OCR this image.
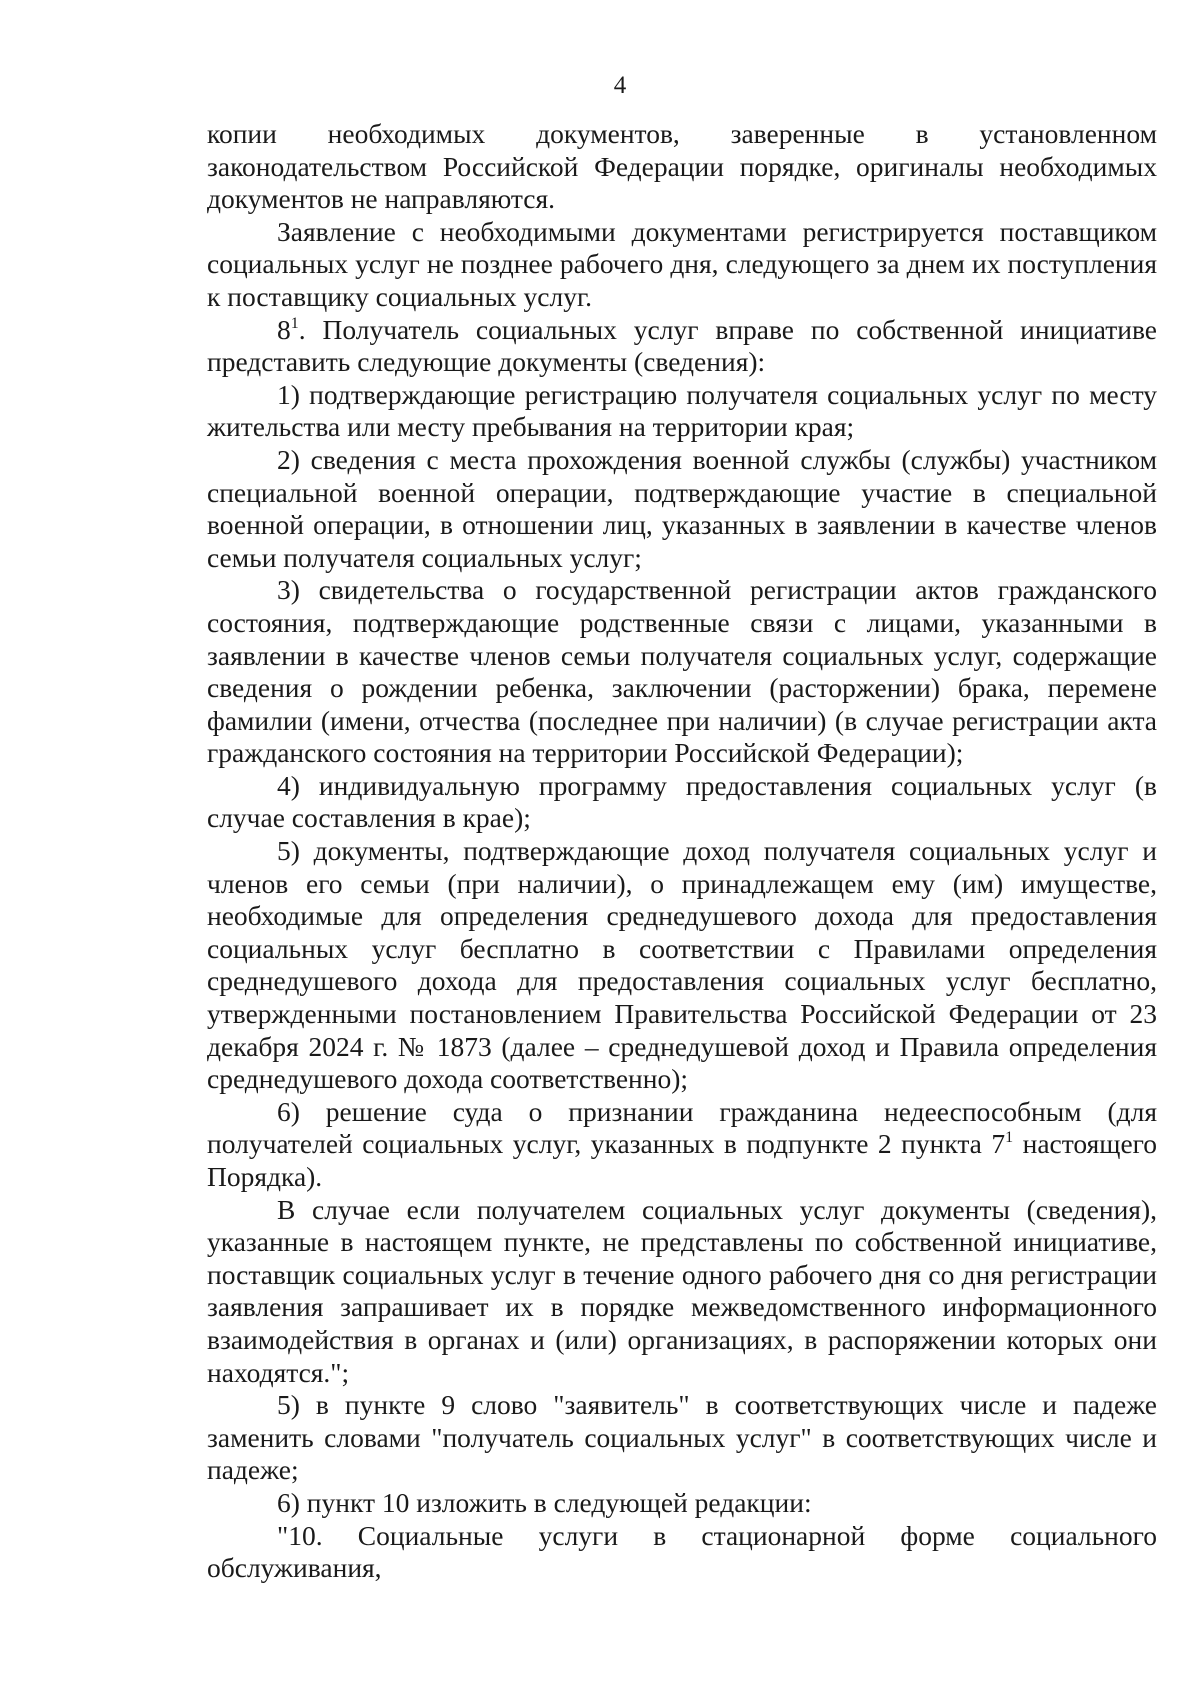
4

копии необходимых документов, заверенные в установленном законодательством Российской Федерации порядке, оригиналы необходимых документов не направляются.

Заявление с необходимыми документами регистрируется поставщиком социальных услуг не позднее рабочего дня, следующего за днем их поступления к поставщику социальных услуг.

$8^1$. Получатель социальных услуг вправе по собственной инициативе представить следующие документы (сведения):

1) подтверждающие регистрацию получателя социальных услуг по месту жительства или месту пребывания на территории края;

2) сведения с места прохождения военной службы (службы) участником специальной военной операции, подтверждающие участие в специальной военной операции, в отношении лиц, указанных в заявлении в качестве членов семьи получателя социальных услуг;

3) свидетельства о государственной регистрации актов гражданского состояния, подтверждающие родственные связи с лицами, указанными в заявлении в качестве членов семьи получателя социальных услуг, содержащие сведения о рождении ребенка, заключении (расторжении) брака, перемене фамилии (имени, отчества (последнее при наличии) (в случае регистрации акта гражданского состояния на территории Российской Федерации);

4) индивидуальную программу предоставления социальных услуг (в случае составления в крае);

5) документы, подтверждающие доход получателя социальных услуг и членов его семьи (при наличии), о принадлежащем ему (им) имуществе, необходимые для определения среднедушевого дохода для предоставления социальных услуг бесплатно в соответствии с Правилами определения среднедушевого дохода для предоставления социальных услуг бесплатно, утвержденными постановлением Правительства Российской Федерации от 23 декабря 2024 г. № 1873 (далее – среднедушевой доход и Правила определения среднедушевого дохода соответственно);

6) решение суда о признании гражданина недееспособным (для получателей социальных услуг, указанных в подпункте 2 пункта $7^1$ настоящего Порядка).

В случае если получателем социальных услуг документы (сведения), указанные в настоящем пункте, не представлены по собственной инициативе, поставщик социальных услуг в течение одного рабочего дня со дня регистрации заявления запрашивает их в порядке межведомственного информационного взаимодействия в органах и (или) организациях, в распоряжении которых они находятся.";

5) в пункте 9 слово "заявитель" в соответствующих числе и падеже заменить словами "получатель социальных услуг" в соответствующих числе и падеже;

6) пункт 10 изложить в следующей редакции:

"10. Социальные услуги в стационарной форме социального обслуживания,
